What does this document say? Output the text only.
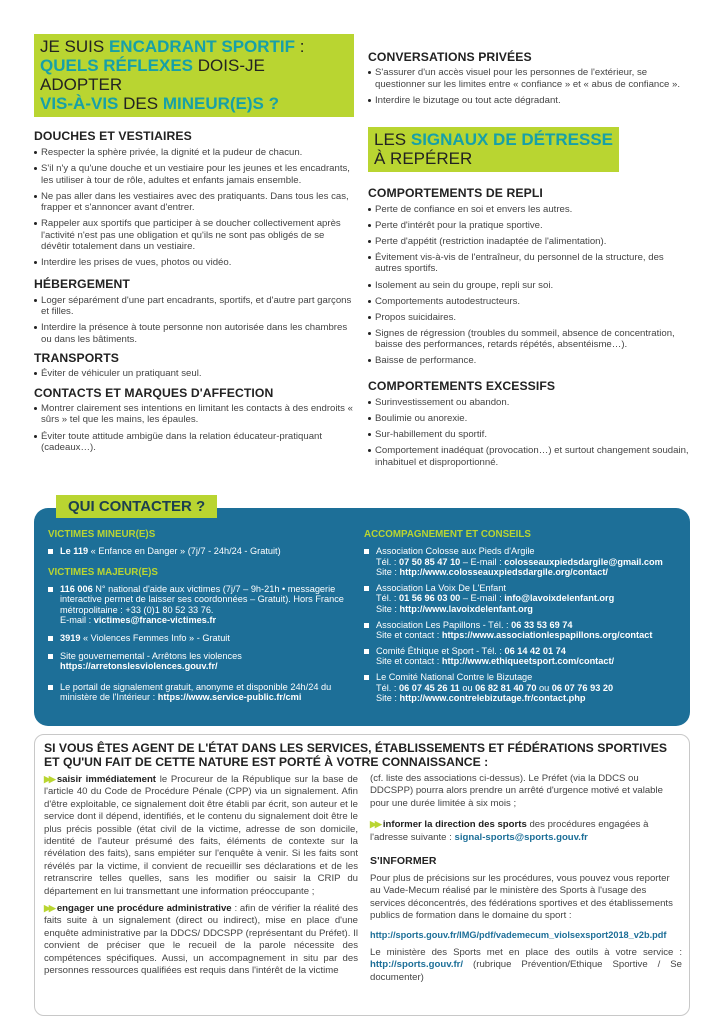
JE SUIS ENCADRANT SPORTIF :
QUELS RÉFLEXES DOIS-JE ADOPTER
VIS-À-VIS DES MINEUR(E)S ?
DOUCHES ET VESTIAIRES
Respecter la sphère privée, la dignité et la pudeur de chacun.
S'il n'y a qu'une douche et un vestiaire pour les jeunes et les encadrants, les utiliser à tour de rôle, adultes et enfants jamais ensemble.
Ne pas aller dans les vestiaires avec des pratiquants. Dans tous les cas, frapper et s'annoncer avant d'entrer.
Rappeler aux sportifs que participer à se doucher collectivement après l'activité n'est pas une obligation et qu'ils ne sont pas obligés de se dévêtir totalement dans un vestiaire.
Interdire les prises de vues, photos ou vidéo.
HÉBERGEMENT
Loger séparément d'une part encadrants, sportifs, et d'autre part garçons et filles.
Interdire la présence à toute personne non autorisée dans les chambres ou dans les bâtiments.
TRANSPORTS
Éviter de véhiculer un pratiquant seul.
CONTACTS ET MARQUES D'AFFECTION
Montrer clairement ses intentions en limitant les contacts à des endroits « sûrs » tel que les mains, les épaules.
Éviter toute attitude ambigüe dans la relation éducateur-pratiquant (cadeaux…).
CONVERSATIONS PRIVÉES
S'assurer d'un accès visuel pour les personnes de l'extérieur, se questionner sur les limites entre « confiance » et « abus de confiance ».
Interdire le bizutage ou tout acte dégradant.
LES SIGNAUX DE DÉTRESSE
À REPÉRER
COMPORTEMENTS DE REPLI
Perte de confiance en soi et envers les autres.
Perte d'intérêt pour la pratique sportive.
Perte d'appétit (restriction inadaptée de l'alimentation).
Évitement vis-à-vis de l'entraîneur, du personnel de la structure, des autres sportifs.
Isolement au sein du groupe, repli sur soi.
Comportements autodestructeurs.
Propos suicidaires.
Signes de régression (troubles du sommeil, absence de concentration, baisse des performances, retards répétés, absentéisme…).
Baisse de performance.
COMPORTEMENTS EXCESSIFS
Surinvestissement ou abandon.
Boulimie ou anorexie.
Sur-habillement du sportif.
Comportement inadéquat (provocation…) et surtout changement soudain, inhabituel et disproportionné.
QUI CONTACTER ?
VICTIMES MINEUR(E)S
Le 119 « Enfance en Danger » (7j/7 - 24h/24 - Gratuit)
VICTIMES MAJEUR(E)S
116 006 N° national d'aide aux victimes (7j/7 – 9h-21h • messagerie interactive permet de laisser ses coordonnées – Gratuit). Hors France métropolitaine : +33 (0)1 80 52 33 76.
E-mail : victimes@france-victimes.fr
3919 « Violences Femmes Info » - Gratuit
Site gouvernemental - Arrêtons les violences
https://arretonslesviolences.gouv.fr/
Le portail de signalement gratuit, anonyme et disponible 24h/24 du ministère de l'Intérieur : https://www.service-public.fr/cmi
ACCOMPAGNEMENT ET CONSEILS
Association Colosse aux Pieds d'Argile
Tél. : 07 50 85 47 10 – E-mail : colosseauxpiedsdargile@gmail.com
Site : http://www.colosseauxpiedsdargile.org/contact/
Association La Voix De L'Enfant
Tél. : 01 56 96 03 00 – E-mail : info@lavoixdelenfant.org
Site : http://www.lavoixdelenfant.org
Association Les Papillons - Tél. : 06 33 53 69 74
Site et contact : https://www.associationlespapillons.org/contact
Comité Éthique et Sport - Tél. : 06 14 42 01 74
Site et contact : http://www.ethiqueetsport.com/contact/
Le Comité National Contre le Bizutage
Tél. : 06 07 45 26 11 ou 06 82 81 40 70 ou 06 07 76 93 20
Site : http://www.contrelebizutage.fr/contact.php
SI VOUS ÊTES AGENT DE L'ÉTAT DANS LES SERVICES, ÉTABLISSEMENTS ET FÉDÉRATIONS SPORTIVES
ET QU'UN FAIT DE CETTE NATURE EST PORTÉ À VOTRE CONNAISSANCE :

▶▶ saisir immédiatement le Procureur de la République sur la base de l'article 40 du Code de Procédure Pénale (CPP) via un signalement. Afin d'être exploitable, ce signalement doit être établi par écrit, son auteur et le service dont il dépend, identifiés, et le contenu du signalement doit être le plus précis possible (état civil de la victime, adresse de son domicile, identité de l'auteur présumé des faits, éléments de contexte sur la révélation des faits), sans empiéter sur l'enquête à venir. Si les faits sont révélés par la victime, il convient de recueillir ses déclarations et de les retranscrire telles quelles, sans les modifier ou saisir la CRIP du département en lui transmettant une information préoccupante ;

▶▶ engager une procédure administrative : afin de vérifier la réalité des faits suite à un signalement (direct ou indirect), mise en place d'une enquête administrative par la DDCS/ DDCSPP (représentant du Préfet). Il convient de préciser que le recueil de la parole nécessite des compétences spécifiques. Aussi, un accompagnement in situ par des personnes ressources qualifiées est requis dans l'intérêt de la victime

(cf. liste des associations ci-dessus). Le Préfet (via la DDCS ou DDCSPP) pourra alors prendre un arrêté d'urgence motivé et valable pour une durée limitée à six mois ;

▶▶ informer la direction des sports des procédures engagées à l'adresse suivante : signal-sports@sports.gouv.fr

S'INFORMER

Pour plus de précisions sur les procédures, vous pouvez vous reporter au Vade-Mecum réalisé par le ministère des Sports à l'usage des services déconcentrés, des fédérations sportives et des établissements publics de formation dans le domaine du sport :

http://sports.gouv.fr/IMG/pdf/vademecum_violsexsport2018_v2b.pdf

Le ministère des Sports met en place des outils à votre service : http://sports.gouv.fr/ (rubrique Prévention/Ethique Sportive / Se documenter)
